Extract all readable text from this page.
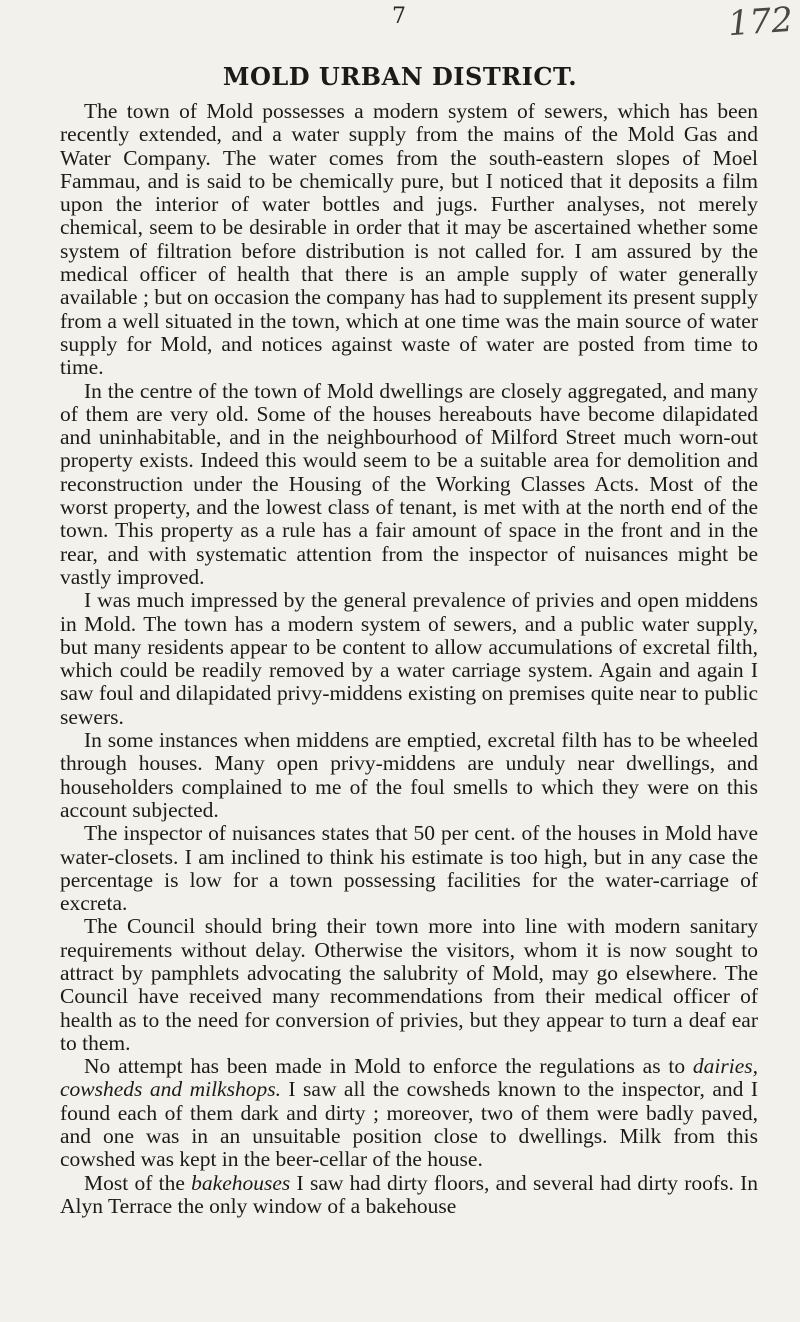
7	172
MOLD URBAN DISTRICT.

The town of Mold possesses a modern system of sewers, which has been recently extended, and a water supply from the mains of the Mold Gas and Water Company. The water comes from the south-eastern slopes of Moel Fammau, and is said to be chemically pure, but I noticed that it deposits a film upon the interior of water bottles and jugs. Further analyses, not merely chemical, seem to be desirable in order that it may be ascertained whether some system of filtration before distribution is not called for. I am assured by the medical officer of health that there is an ample supply of water generally available ; but on occasion the company has had to supplement its present supply from a well situated in the town, which at one time was the main source of water supply for Mold, and notices against waste of water are posted from time to time.

In the centre of the town of Mold dwellings are closely aggregated, and many of them are very old. Some of the houses hereabouts have become dilapidated and uninhabitable, and in the neighbourhood of Milford Street much worn-out property exists. Indeed this would seem to be a suitable area for demolition and reconstruction under the Housing of the Working Classes Acts. Most of the worst property, and the lowest class of tenant, is met with at the north end of the town. This property as a rule has a fair amount of space in the front and in the rear, and with systematic attention from the inspector of nuisances might be vastly improved.

I was much impressed by the general prevalence of privies and open middens in Mold. The town has a modern system of sewers, and a public water supply, but many residents appear to be content to allow accumulations of excretal filth, which could be readily removed by a water carriage system. Again and again I saw foul and dilapidated privy-middens existing on premises quite near to public sewers.

In some instances when middens are emptied, excretal filth has to be wheeled through houses. Many open privy-middens are unduly near dwellings, and householders complained to me of the foul smells to which they were on this account subjected.

The inspector of nuisances states that 50 per cent. of the houses in Mold have water-closets. I am inclined to think his estimate is too high, but in any case the percentage is low for a town possessing facilities for the water-carriage of excreta.

The Council should bring their town more into line with modern sanitary requirements without delay. Otherwise the visitors, whom it is now sought to attract by pamphlets advocating the salubrity of Mold, may go elsewhere. The Council have received many recommendations from their medical officer of health as to the need for conversion of privies, but they appear to turn a deaf ear to them.

No attempt has been made in Mold to enforce the regulations as to dairies, cowsheds and milkshops. I saw all the cowsheds known to the inspector, and I found each of them dark and dirty ; moreover, two of them were badly paved, and one was in an unsuitable position close to dwellings. Milk from this cowshed was kept in the beer-cellar of the house.

Most of the bakehouses I saw had dirty floors, and several had dirty roofs. In Alyn Terrace the only window of a bakehouse
